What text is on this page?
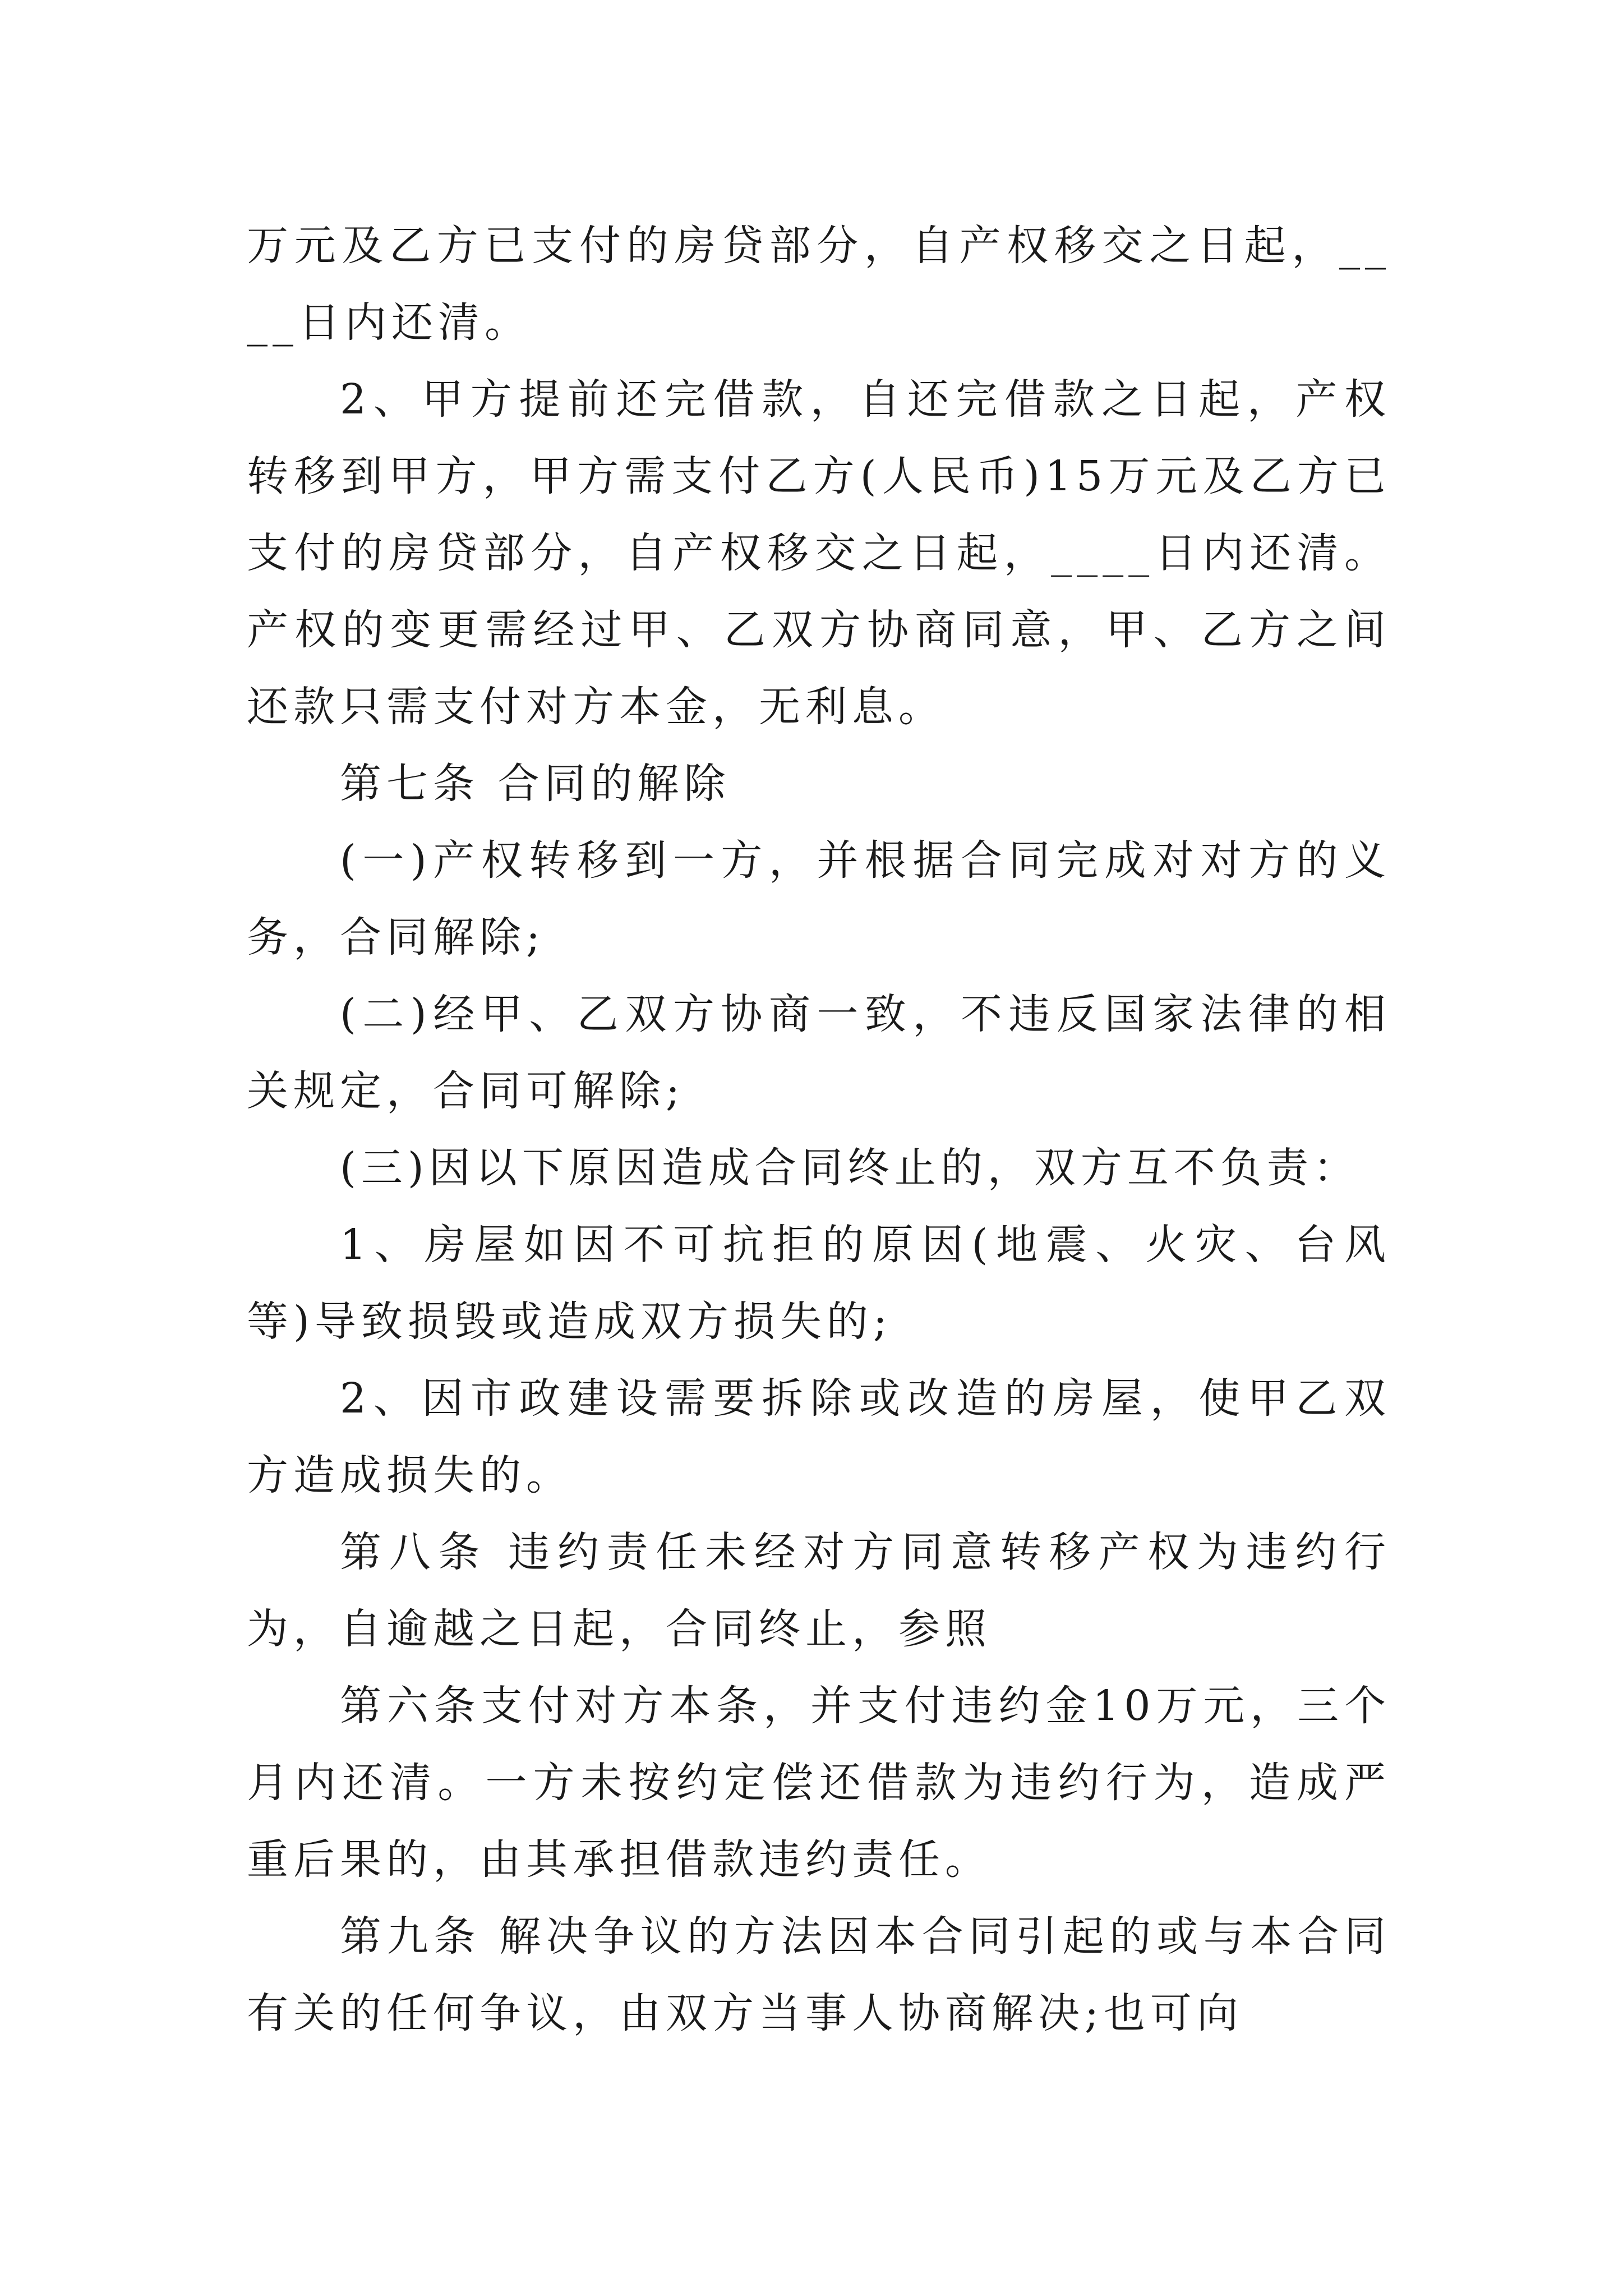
万元及乙方已支付的房贷部分，自产权移交之日起，____日内还清。

2、甲方提前还完借款，自还完借款之日起，产权转移到甲方，甲方需支付乙方(人民币)15万元及乙方已支付的房贷部分，自产权移交之日起，____日内还清。产权的变更需经过甲、乙双方协商同意，甲、乙方之间还款只需支付对方本金，无利息。

第七条 合同的解除

(一)产权转移到一方，并根据合同完成对对方的义务，合同解除;

(二)经甲、乙双方协商一致，不违反国家法律的相关规定，合同可解除;

(三)因以下原因造成合同终止的，双方互不负责：

1、房屋如因不可抗拒的原因(地震、火灾、台风等)导致损毁或造成双方损失的;

2、因市政建设需要拆除或改造的房屋，使甲乙双方造成损失的。

第八条 违约责任未经对方同意转移产权为违约行为，自逾越之日起，合同终止，参照

第六条支付对方本条，并支付违约金10万元，三个月内还清。一方未按约定偿还借款为违约行为，造成严重后果的，由其承担借款违约责任。

第九条 解决争议的方法因本合同引起的或与本合同有关的任何争议，由双方当事人协商解决;也可向
